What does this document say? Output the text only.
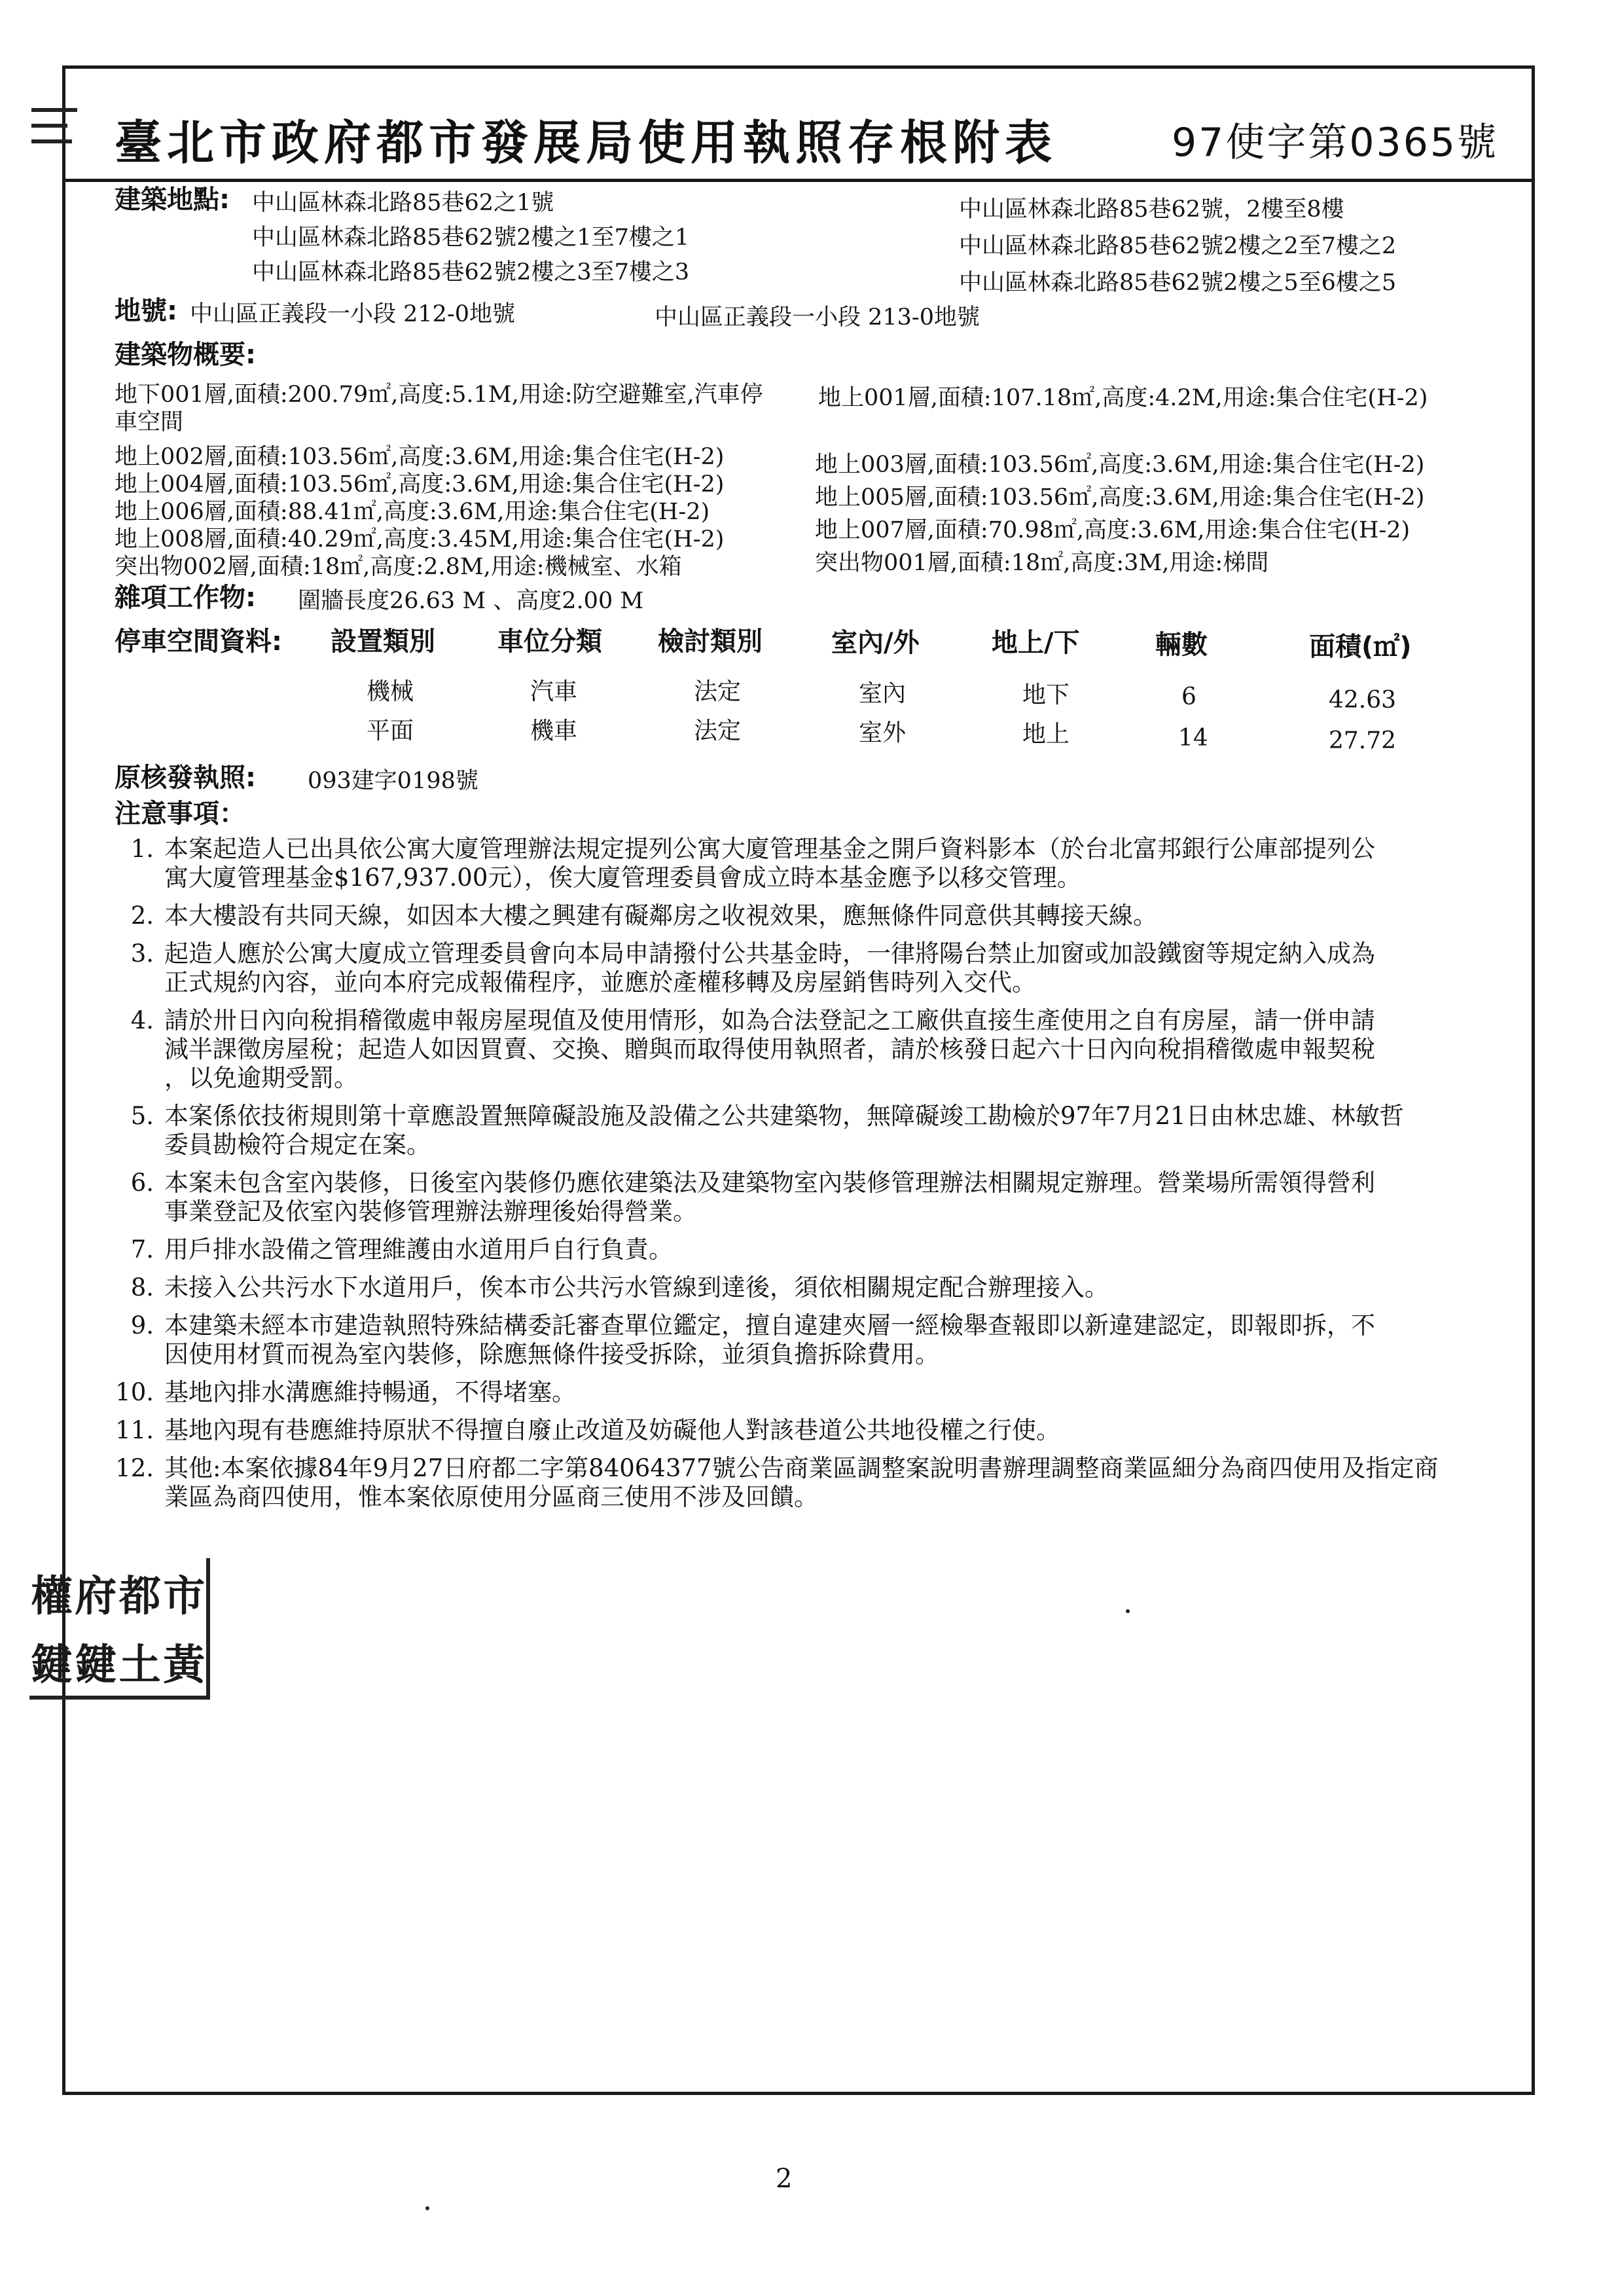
臺北市政府都市發展局使用執照存根附表	97使字第0365號
建築地點: 中山區林森北路85巷62之1號
中山區林森北路85巷62號2樓之1至7樓之1
中山區林森北路85巷62號2樓之3至7樓之3
中山區林森北路85巷62號，2樓至8樓
中山區林森北路85巷62號2樓之2至7樓之2
中山區林森北路85巷62號2樓之5至6樓之5
地號: 中山區正義段一小段 212-0地號	中山區正義段一小段 213-0地號
建築物概要:
地下001層,面積:200.79㎡,高度:5.1M,用途:防空避難室,汽車停 地上001層,面積:107.18㎡,高度:4.2M,用途:集合住宅(H-2)
車空間
地上002層,面積:103.56㎡,高度:3.6M,用途:集合住宅(H-2)
地上004層,面積:103.56㎡,高度:3.6M,用途:集合住宅(H-2)
地上006層,面積:88.41㎡,高度:3.6M,用途:集合住宅(H-2)
地上008層,面積:40.29㎡,高度:3.45M,用途:集合住宅(H-2)
突出物002層,面積:18㎡,高度:2.8M,用途:機械室、水箱
地上003層,面積:103.56㎡,高度:3.6M,用途:集合住宅(H-2)
地上005層,面積:103.56㎡,高度:3.6M,用途:集合住宅(H-2)
地上007層,面積:70.98㎡,高度:3.6M,用途:集合住宅(H-2)
突出物001層,面積:18㎡,高度:3M,用途:梯間
雜項工作物: 圍牆長度26.63 M 、高度2.00 M
停車空間資料: 設置類別 車位分類 檢討類別	室內/外	地上/下	輛數	面積(㎡)
機械	汽車	法定	室內	地下	6	42.63
平面	機車	法定	室外	地上	14	27.72
原核發執照: 093建字0198號
注意事項：
1. 本案起造人已出具依公寓大廈管理辦法規定提列公寓大廈管理基金之開戶資料影本（於台北富邦銀行公庫部提列公
寓大廈管理基金$167,937.00元），俟大廈管理委員會成立時本基金應予以移交管理。
2. 本大樓設有共同天線，如因本大樓之興建有礙鄰房之收視效果，應無條件同意供其轉接天線。
3. 起造人應於公寓大廈成立管理委員會向本局申請撥付公共基金時，一律將陽台禁止加窗或加設鐵窗等規定納入成為
正式規約內容，並向本府完成報備程序，並應於產權移轉及房屋銷售時列入交代。
4. 請於卅日內向稅捐稽徵處申報房屋現值及使用情形，如為合法登記之工廠供直接生產使用之自有房屋，請一併申請
減半課徵房屋稅；起造人如因買賣、交換、贈與而取得使用執照者，請於核發日起六十日內向稅捐稽徵處申報契稅
，以免逾期受罰。
5. 本案係依技術規則第十章應設置無障礙設施及設備之公共建築物，無障礙竣工勘檢於97年7月21日由林忠雄、林敏哲
委員勘檢符合規定在案。
6. 本案未包含室內裝修，日後室內裝修仍應依建築法及建築物室內裝修管理辦法相關規定辦理。營業場所需領得營利
事業登記及依室內裝修管理辦法辦理後始得營業。
7. 用戶排水設備之管理維護由水道用戶自行負責。
8. 未接入公共污水下水道用戶，俟本市公共污水管線到達後，須依相關規定配合辦理接入。
9. 本建築未經本市建造執照特殊結構委託審查單位鑑定，擅自違建夾層一經檢舉查報即以新違建認定，即報即拆，不
因使用材質而視為室內裝修，除應無條件接受拆除，並須負擔拆除費用。
10. 基地內排水溝應維持暢通，不得堵塞。
11. 基地內現有巷應維持原狀不得擅自廢止改道及妨礙他人對該巷道公共地役權之行使。
12. 其他:本案依據84年9月27日府都二字第84064377號公告商業區調整案說明書辦理調整商業區細分為商四使用及指定商
業區為商四使用，惟本案依原使用分區商三使用不涉及回饋。
權 府 都 市
鍵 鍵 土 黃
2
